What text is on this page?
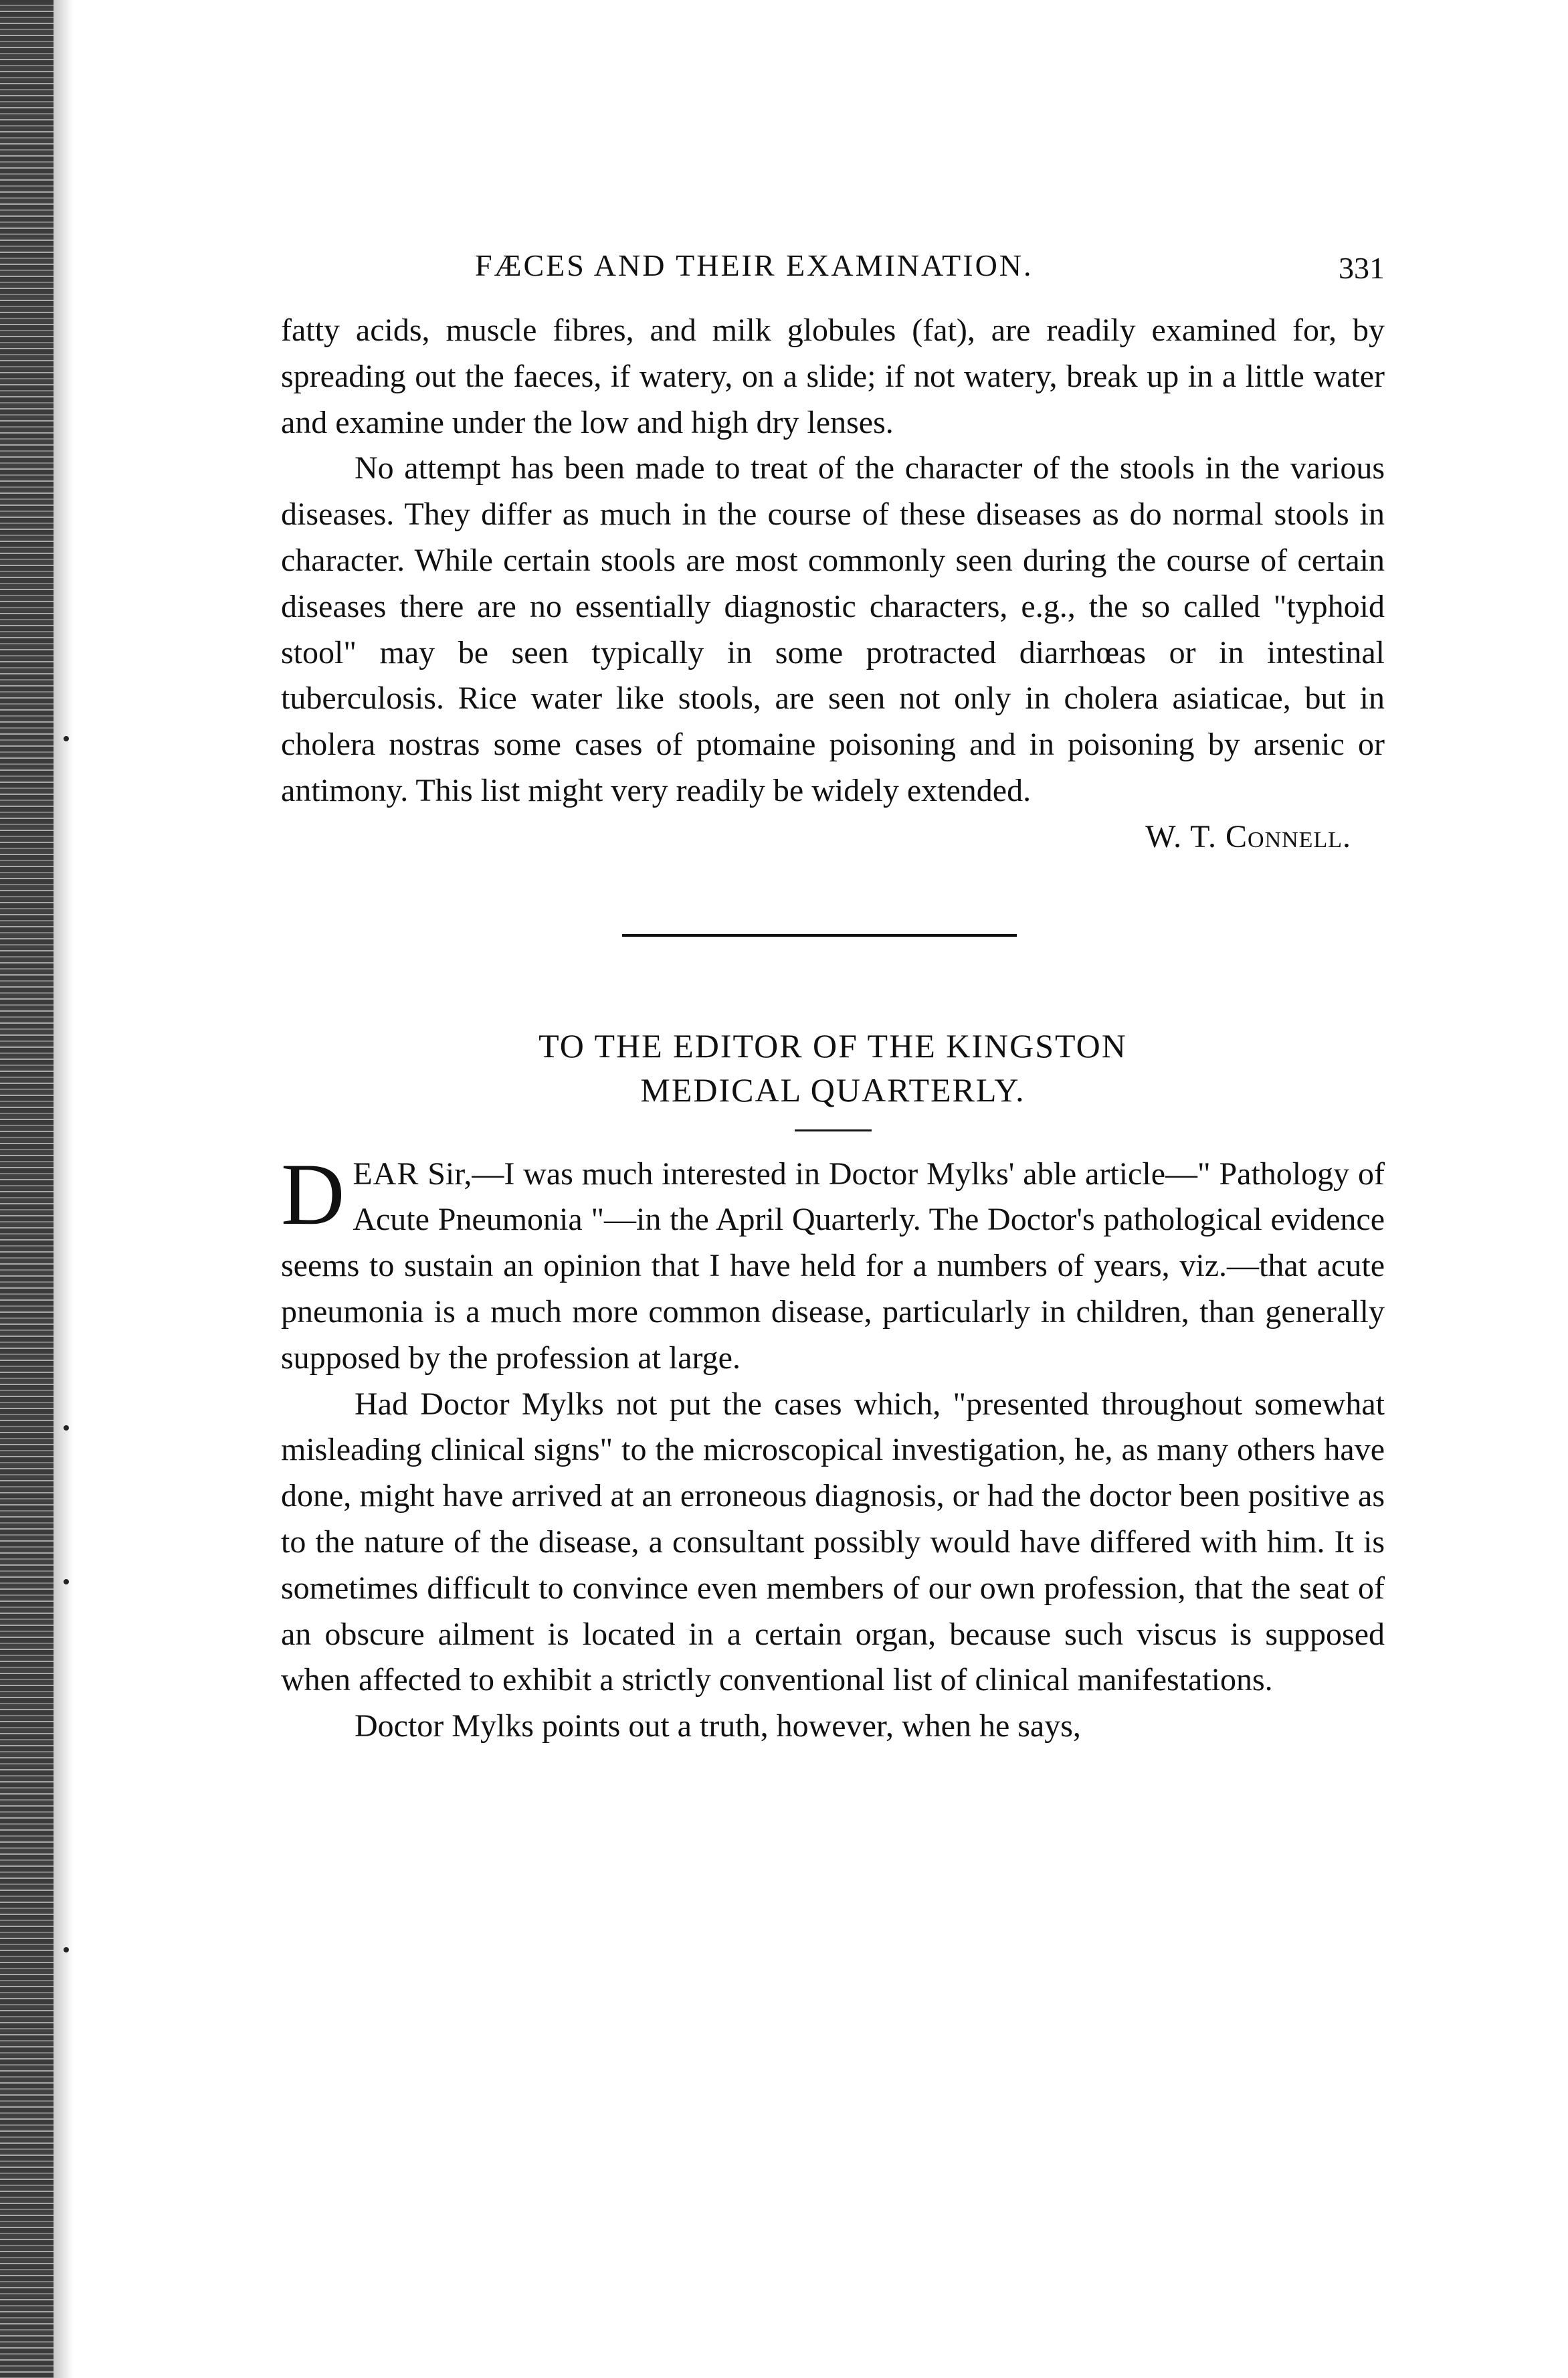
FÆCES AND THEIR EXAMINATION.	331

fatty acids, muscle fibres, and milk globules (fat), are readily examined for, by spreading out the faeces, if watery, on a slide; if not watery, break up in a little water and examine under the low and high dry lenses.

No attempt has been made to treat of the character of the stools in the various diseases. They differ as much in the course of these diseases as do normal stools in character. While certain stools are most commonly seen during the course of certain diseases there are no essentially diagnostic characters, e.g., the so called "typhoid stool" may be seen typically in some protracted diarrhœas or in intestinal tuberculosis. Rice water like stools, are seen not only in cholera asiaticae, but in cholera nostras some cases of ptomaine poisoning and in poisoning by arsenic or antimony. This list might very readily be widely extended.

W. T. Connell.
TO THE EDITOR OF THE KINGSTON
MEDICAL QUARTERLY.

DEAR Sir,—I was much interested in Doctor Mylks' able article—" Pathology of Acute Pneumonia "—in the April Quarterly. The Doctor's pathological evidence seems to sustain an opinion that I have held for a numbers of years, viz.—that acute pneumonia is a much more common disease, particularly in children, than generally supposed by the profession at large.

Had Doctor Mylks not put the cases which, "presented throughout somewhat misleading clinical signs" to the microscopical investigation, he, as many others have done, might have arrived at an erroneous diagnosis, or had the doctor been positive as to the nature of the disease, a consultant possibly would have differed with him. It is sometimes difficult to convince even members of our own profession, that the seat of an obscure ailment is located in a certain organ, because such viscus is supposed when affected to exhibit a strictly conventional list of clinical manifestations.

Doctor Mylks points out a truth, however, when he says,
